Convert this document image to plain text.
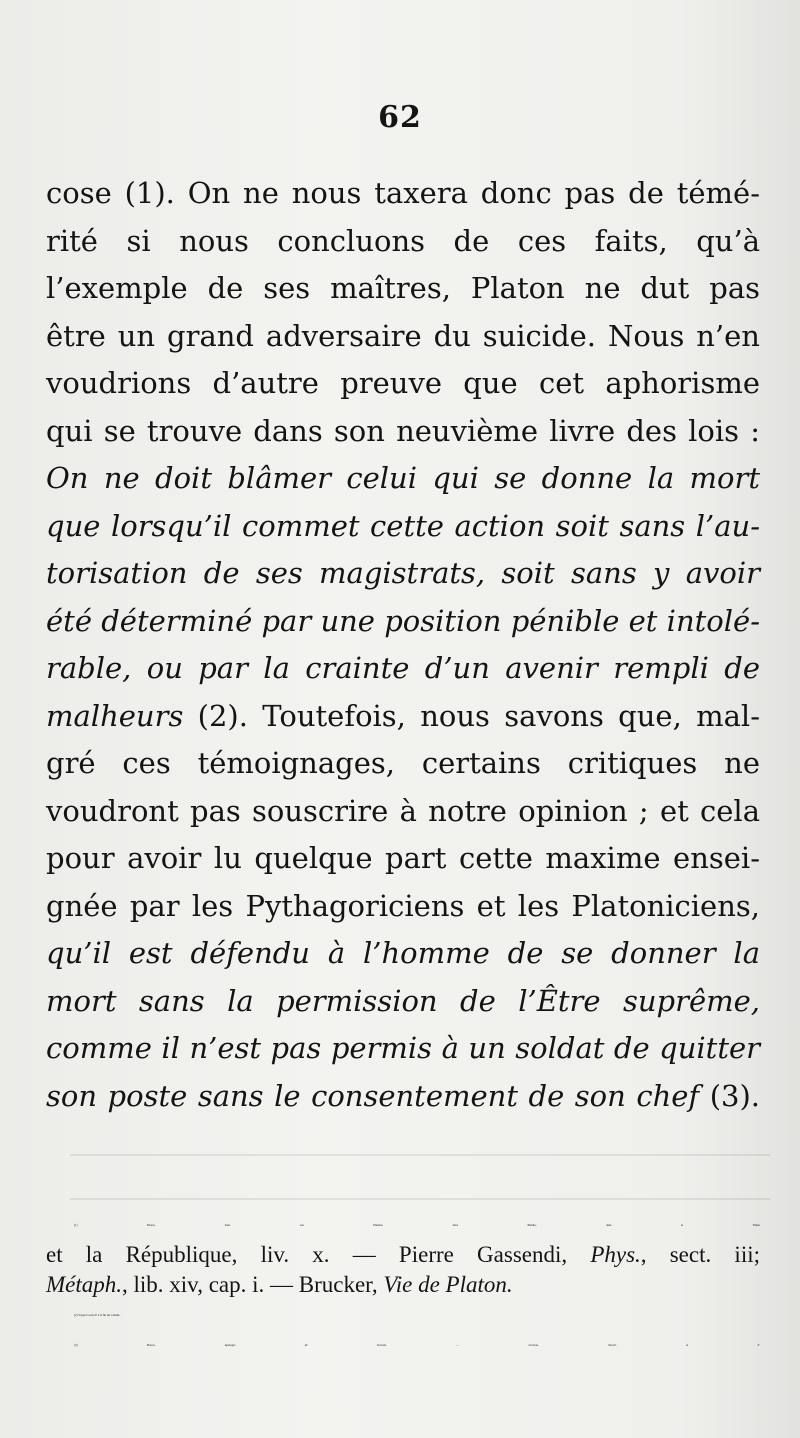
62
cose (1). On ne nous taxera donc pas de témé-
rité si nous concluons de ces faits, qu’à
l’exemple de ses maîtres, Platon ne dut pas
être un grand adversaire du suicide. Nous n’en
voudrions d’autre preuve que cet aphorisme
qui se trouve dans son neuvième livre des lois :
On ne doit blâmer celui qui se donne la mort
que lorsqu’il commet cette action soit sans l’au-
torisation de ses magistrats, soit sans y avoir
été déterminé par une position pénible et intolé-
rable, ou par la crainte d’un avenir rempli de
malheurs (2). Toutefois, nous savons que, mal-
gré ces témoignages, certains critiques ne
voudront pas souscrire à notre opinion ; et cela
pour avoir lu quelque part cette maxime ensei-
gnée par les Pythagoriciens et les Platoniciens,
qu’il est défendu à l’homme de se donner la
mort sans la permission de l’Être suprême,
comme il n’est pas permis à un soldat de quitter
son poste sans le consentement de son chef (3).
(1) Platon, dans son Phédon, dans Phèdre, dans le Timée
et la République, liv. x. — Pierre Gassendi, Phys., sect. iii;
Métaph., lib. xiv, cap. i. — Brucker, Vie de Platon.
(2) Voyez la note E à la fin du volume.
(3) Platon, Apologie de Socrate. — Cicéron, Tuscul. et d’
